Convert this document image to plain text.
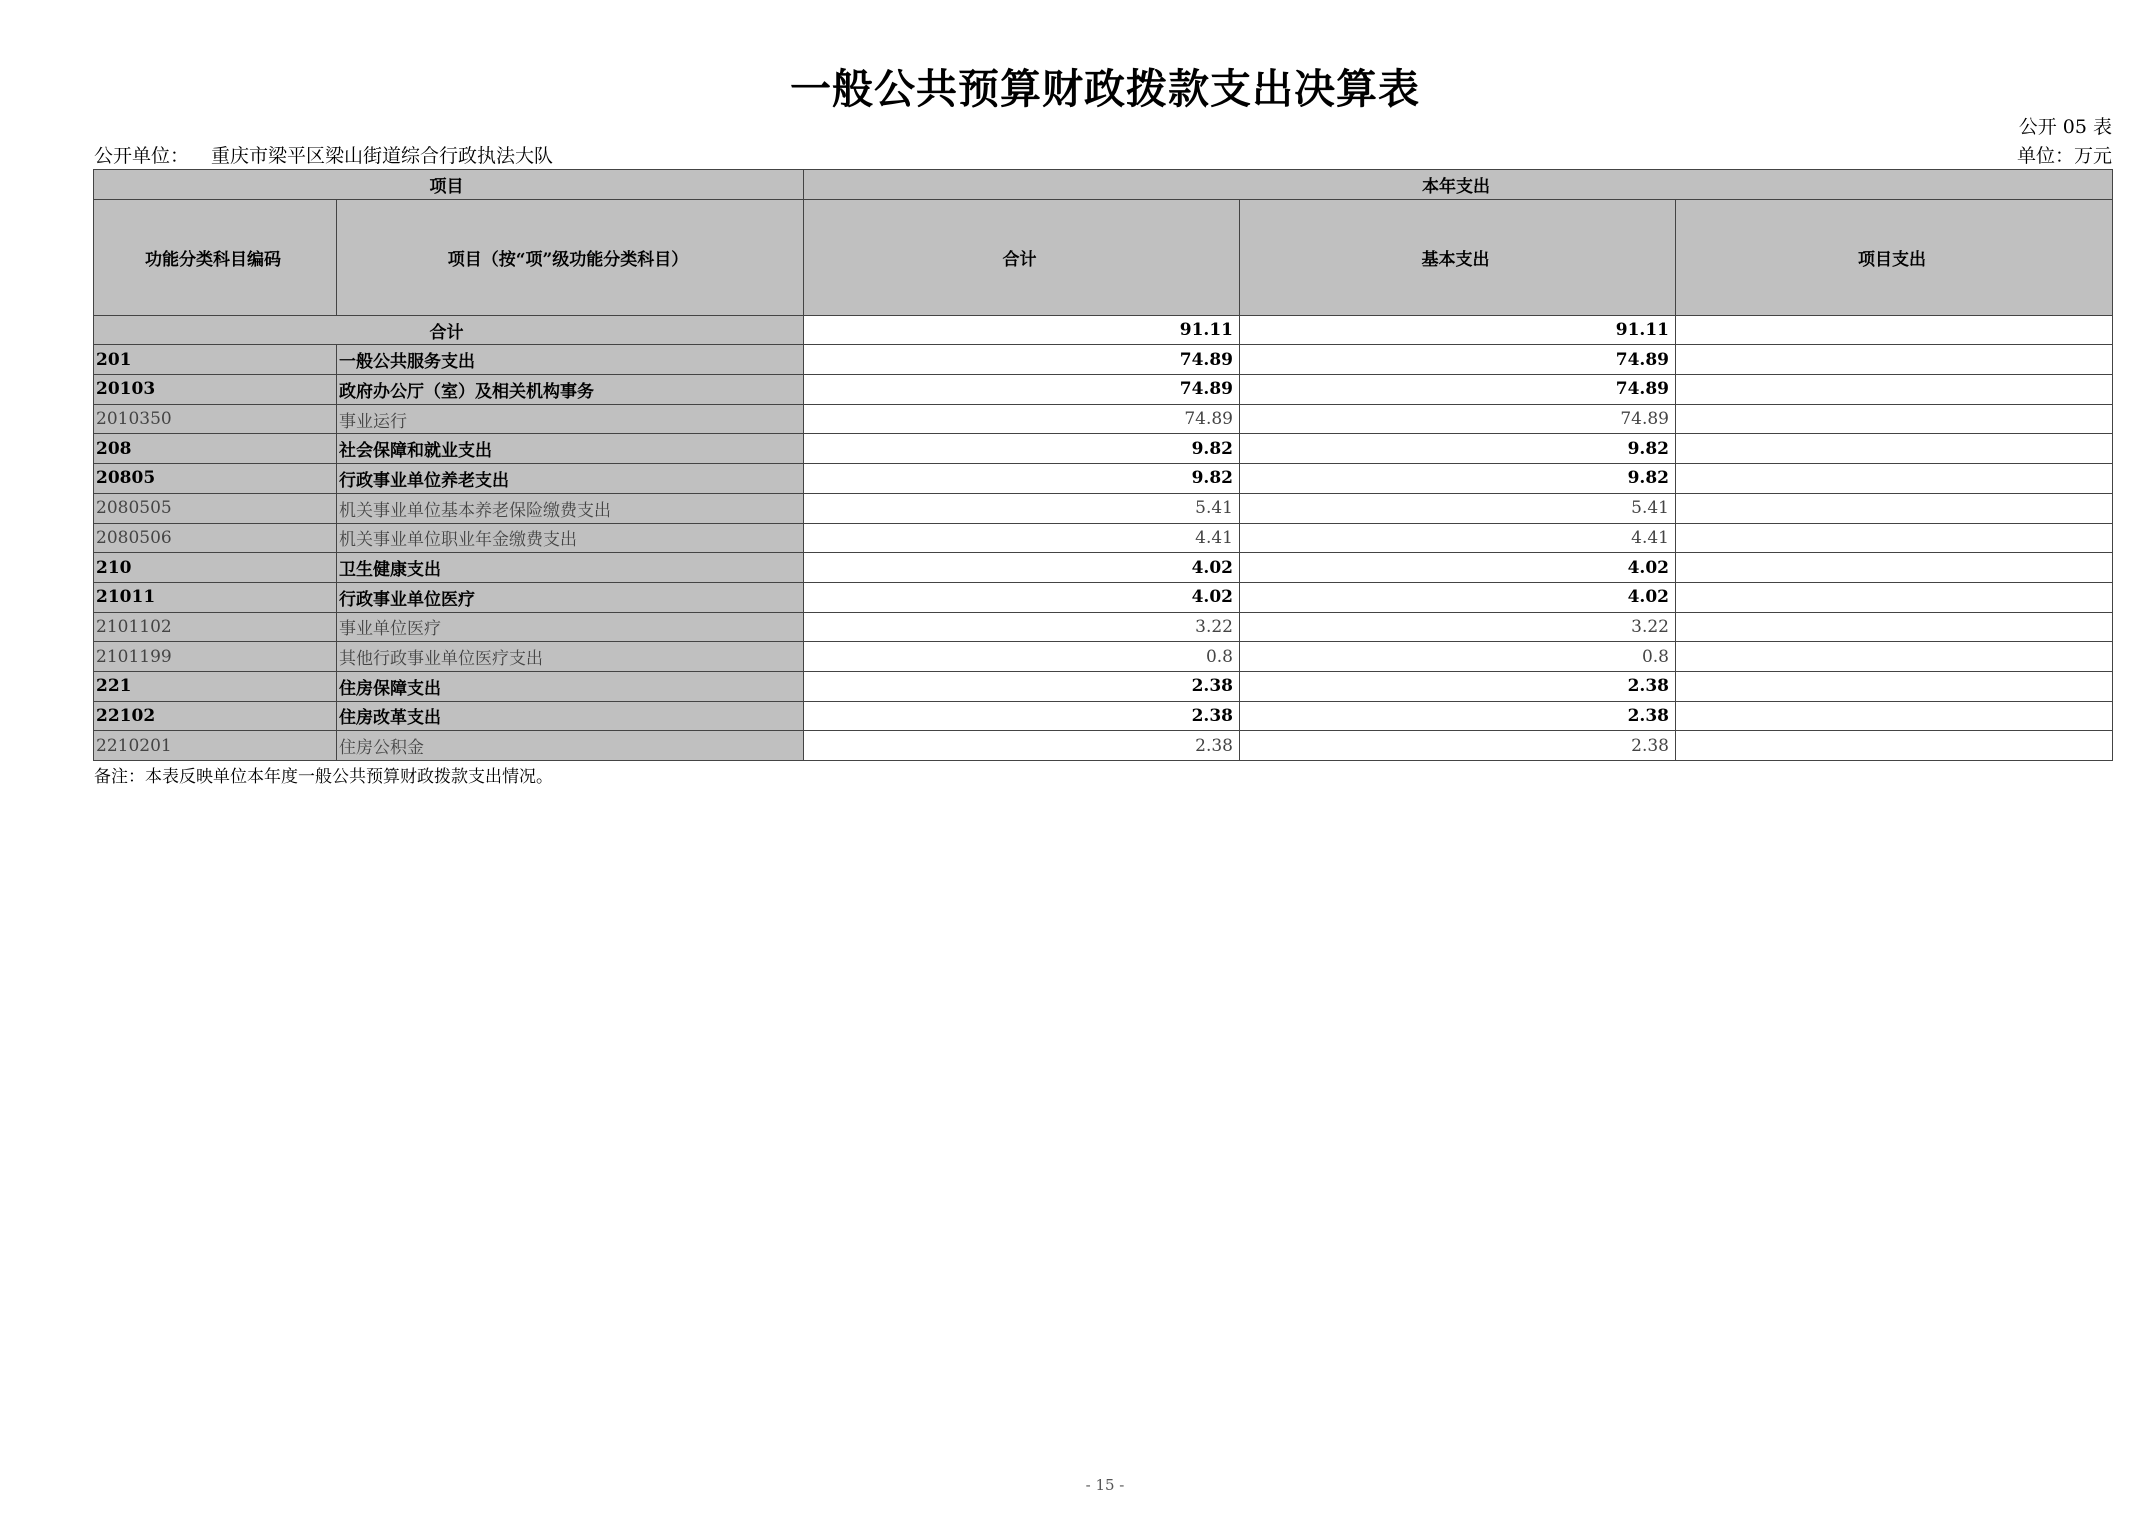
一般公共预算财政拨款支出决算表
公开 05 表
公开单位： 重庆市梁平区梁山街道综合行政执法大队	单位：万元
项目		本年支出		
功能分类科目编码	项目（按“项”级功能分类科目）	合计	基本支出	项目支出
合计		91.11	91.11	
201	一般公共服务支出	74.89	74.89	
20103	政府办公厅（室）及相关机构事务	74.89	74.89	
2010350	事业运行	74.89	74.89	
208	社会保障和就业支出	9.82	9.82	
20805	行政事业单位养老支出	9.82	9.82	
2080505	机关事业单位基本养老保险缴费支出	5.41	5.41	
2080506	机关事业单位职业年金缴费支出	4.41	4.41	
210	卫生健康支出	4.02	4.02	
21011	行政事业单位医疗	4.02	4.02	
2101102	事业单位医疗	3.22	3.22	
2101199	其他行政事业单位医疗支出	0.8	0.8	
221	住房保障支出	2.38	2.38	
22102	住房改革支出	2.38	2.38	
2210201	住房公积金	2.38	2.38	
备注：本表反映单位本年度一般公共预算财政拨款支出情况。
- 15 -
